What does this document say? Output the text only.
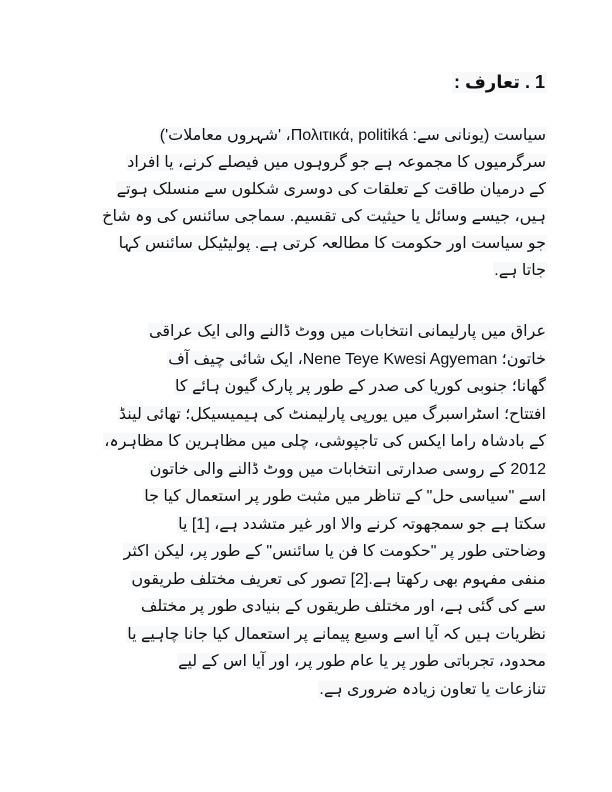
1 . تعارف :
سیاست (یونانی سے: Πολιτικά, politiká، 'شہروں معاملات')
سرگرمیوں کا مجموعہ ہے جو گروہوں میں فیصلے کرنے، یا افراد
کے درمیان طاقت کے تعلقات کی دوسری شکلوں سے منسلک ہوتے
ہیں، جیسے وسائل یا حیثیت کی تقسیم. سماجی سائنس کی وہ شاخ
جو سیاست اور حکومت کا مطالعہ کرتی ہے. پولیٹیکل سائنس کہا
جاتا ہے.
عراق میں پارلیمانی انتخابات میں ووٹ ڈالنے والی ایک عراقی
خاتون؛ Nene Teye Kwesi Agyeman، ایک شائی چیف آف
گھانا؛ جنوبی کوریا کی صدر کے طور پر پارک گیون ہائے کا
افتتاح؛ اسٹراسبرگ میں یورپی پارلیمنٹ کی ہیمیسیکل؛ تھائی لینڈ
کے بادشاہ راما ایکس کی تاجپوشی، چلی میں مظاہرین کا مظاہرہ،
2012 کے روسی صدارتی انتخابات میں ووٹ ڈالنے والی خاتون
اسے "سیاسی حل" کے تناظر میں مثبت طور پر استعمال کیا جا
سکتا ہے جو سمجھوتہ کرنے والا اور غیر متشدد ہے، [1] یا
وضاحتی طور پر "حکومت کا فن یا سائنس" کے طور پر، لیکن اکثر
منفی مفہوم بھی رکھتا ہے.[2] تصور کی تعریف مختلف طریقوں
سے کی گئی ہے، اور مختلف طریقوں کے بنیادی طور پر مختلف
نظریات ہیں کہ آیا اسے وسیع پیمانے پر استعمال کیا جانا چاہیے یا
محدود، تجرباتی طور پر یا عام طور پر، اور آیا اس کے لیے
تنازعات یا تعاون زیادہ ضروری ہے.
